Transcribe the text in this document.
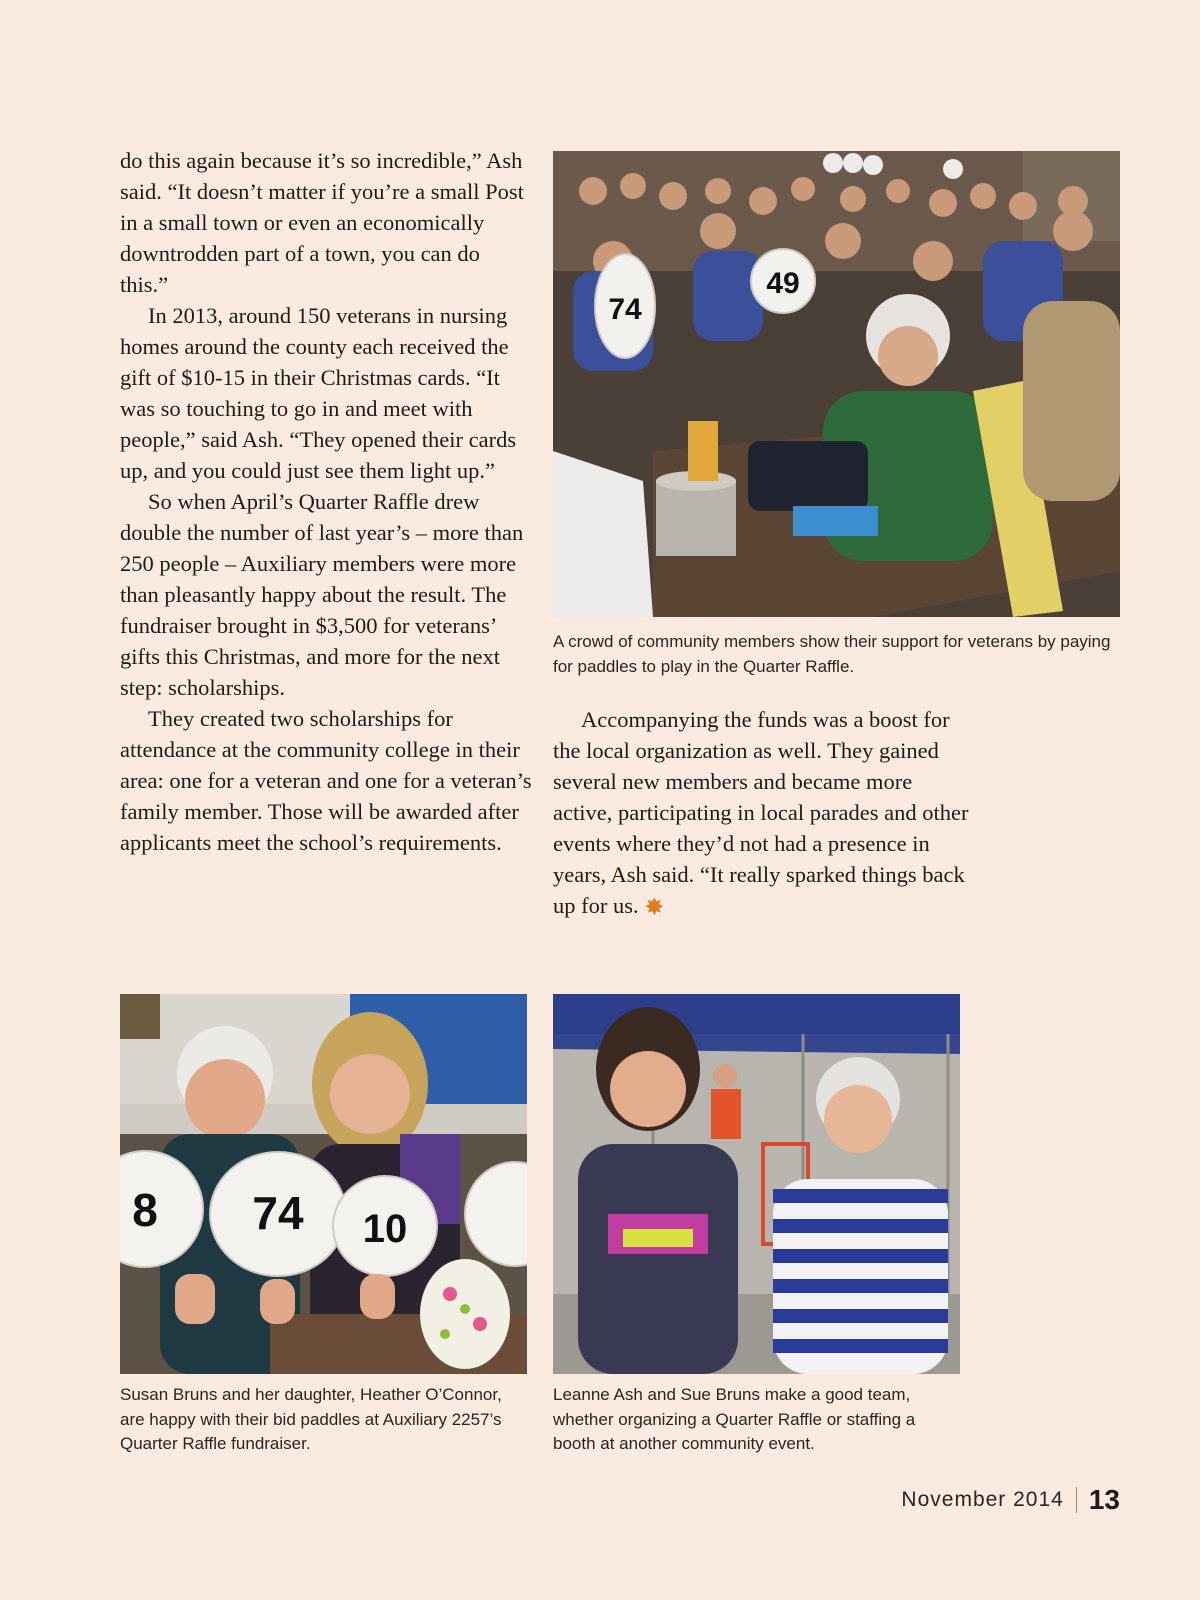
do this again because it’s so incredible,” Ash said. “It doesn’t matter if you’re a small Post in a small town or even an economically downtrodden part of a town, you can do this.”

In 2013, around 150 veterans in nursing homes around the county each received the gift of $10-15 in their Christmas cards. “It was so touching to go in and meet with people,” said Ash. “They opened their cards up, and you could just see them light up.”

So when April’s Quarter Raffle drew double the number of last year’s – more than 250 people – Auxiliary members were more than pleasantly happy about the result. The fundraiser brought in $3,500 for veterans’ gifts this Christmas, and more for the next step: scholarships.

They created two scholarships for attendance at the community college in their area: one for a veteran and one for a veteran’s family member. Those will be awarded after applicants meet the school’s requirements.

74
49

A crowd of community members show their support for veterans by paying for paddles to play in the Quarter Raffle.

Accompanying the funds was a boost for the local organization as well. They gained several new members and became more active, participating in local parades and other events where they’d not had a presence in years, Ash said. “It really sparked things back up for us. ✸

8 74 10

Susan Bruns and her daughter, Heather O’Connor, are happy with their bid paddles at Auxiliary 2257’s Quarter Raffle fundraiser.

Leanne Ash and Sue Bruns make a good team, whether organizing a Quarter Raffle or staffing a booth at another community event.

November 2014 13
